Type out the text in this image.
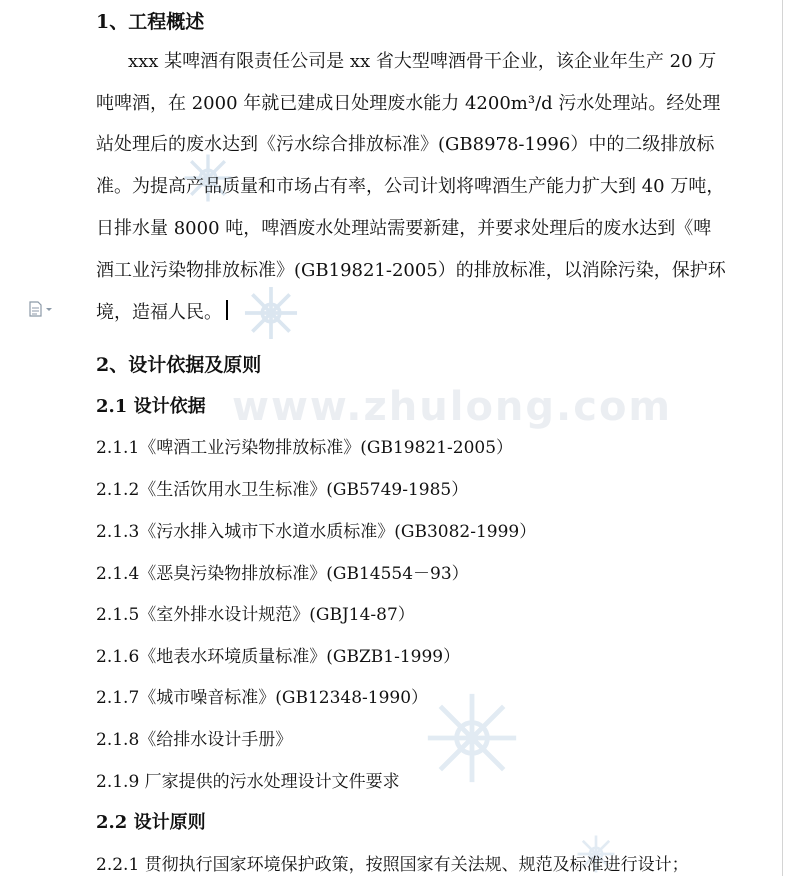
www.zhulong.com
1、工程概述
xxx 某啤酒有限责任公司是 xx 省大型啤酒骨干企业，该企业年生产 20 万
吨啤酒，在 2000 年就已建成日处理废水能力 4200m³/d 污水处理站。经处理
站处理后的废水达到《污水综合排放标准》(GB8978-1996）中的二级排放标
准。为提高产品质量和市场占有率，公司计划将啤酒生产能力扩大到 40 万吨，
日排水量 8000 吨，啤酒废水处理站需要新建，并要求处理后的废水达到《啤
酒工业污染物排放标准》(GB19821-2005）的排放标准，以消除污染，保护环
境，造福人民。
2、设计依据及原则
2.1 设计依据
2.1.1《啤酒工业污染物排放标准》(GB19821-2005）
2.1.2《生活饮用水卫生标准》(GB5749-1985）
2.1.3《污水排入城市下水道水质标准》(GB3082-1999）
2.1.4《恶臭污染物排放标准》(GB14554－93）
2.1.5《室外排水设计规范》(GBJ14-87）
2.1.6《地表水环境质量标准》(GBZB1-1999）
2.1.7《城市噪音标准》(GB12348-1990）
2.1.8《给排水设计手册》
2.1.9 厂家提供的污水处理设计文件要求
2.2 设计原则
2.2.1 贯彻执行国家环境保护政策，按照国家有关法规、规范及标准进行设计；
